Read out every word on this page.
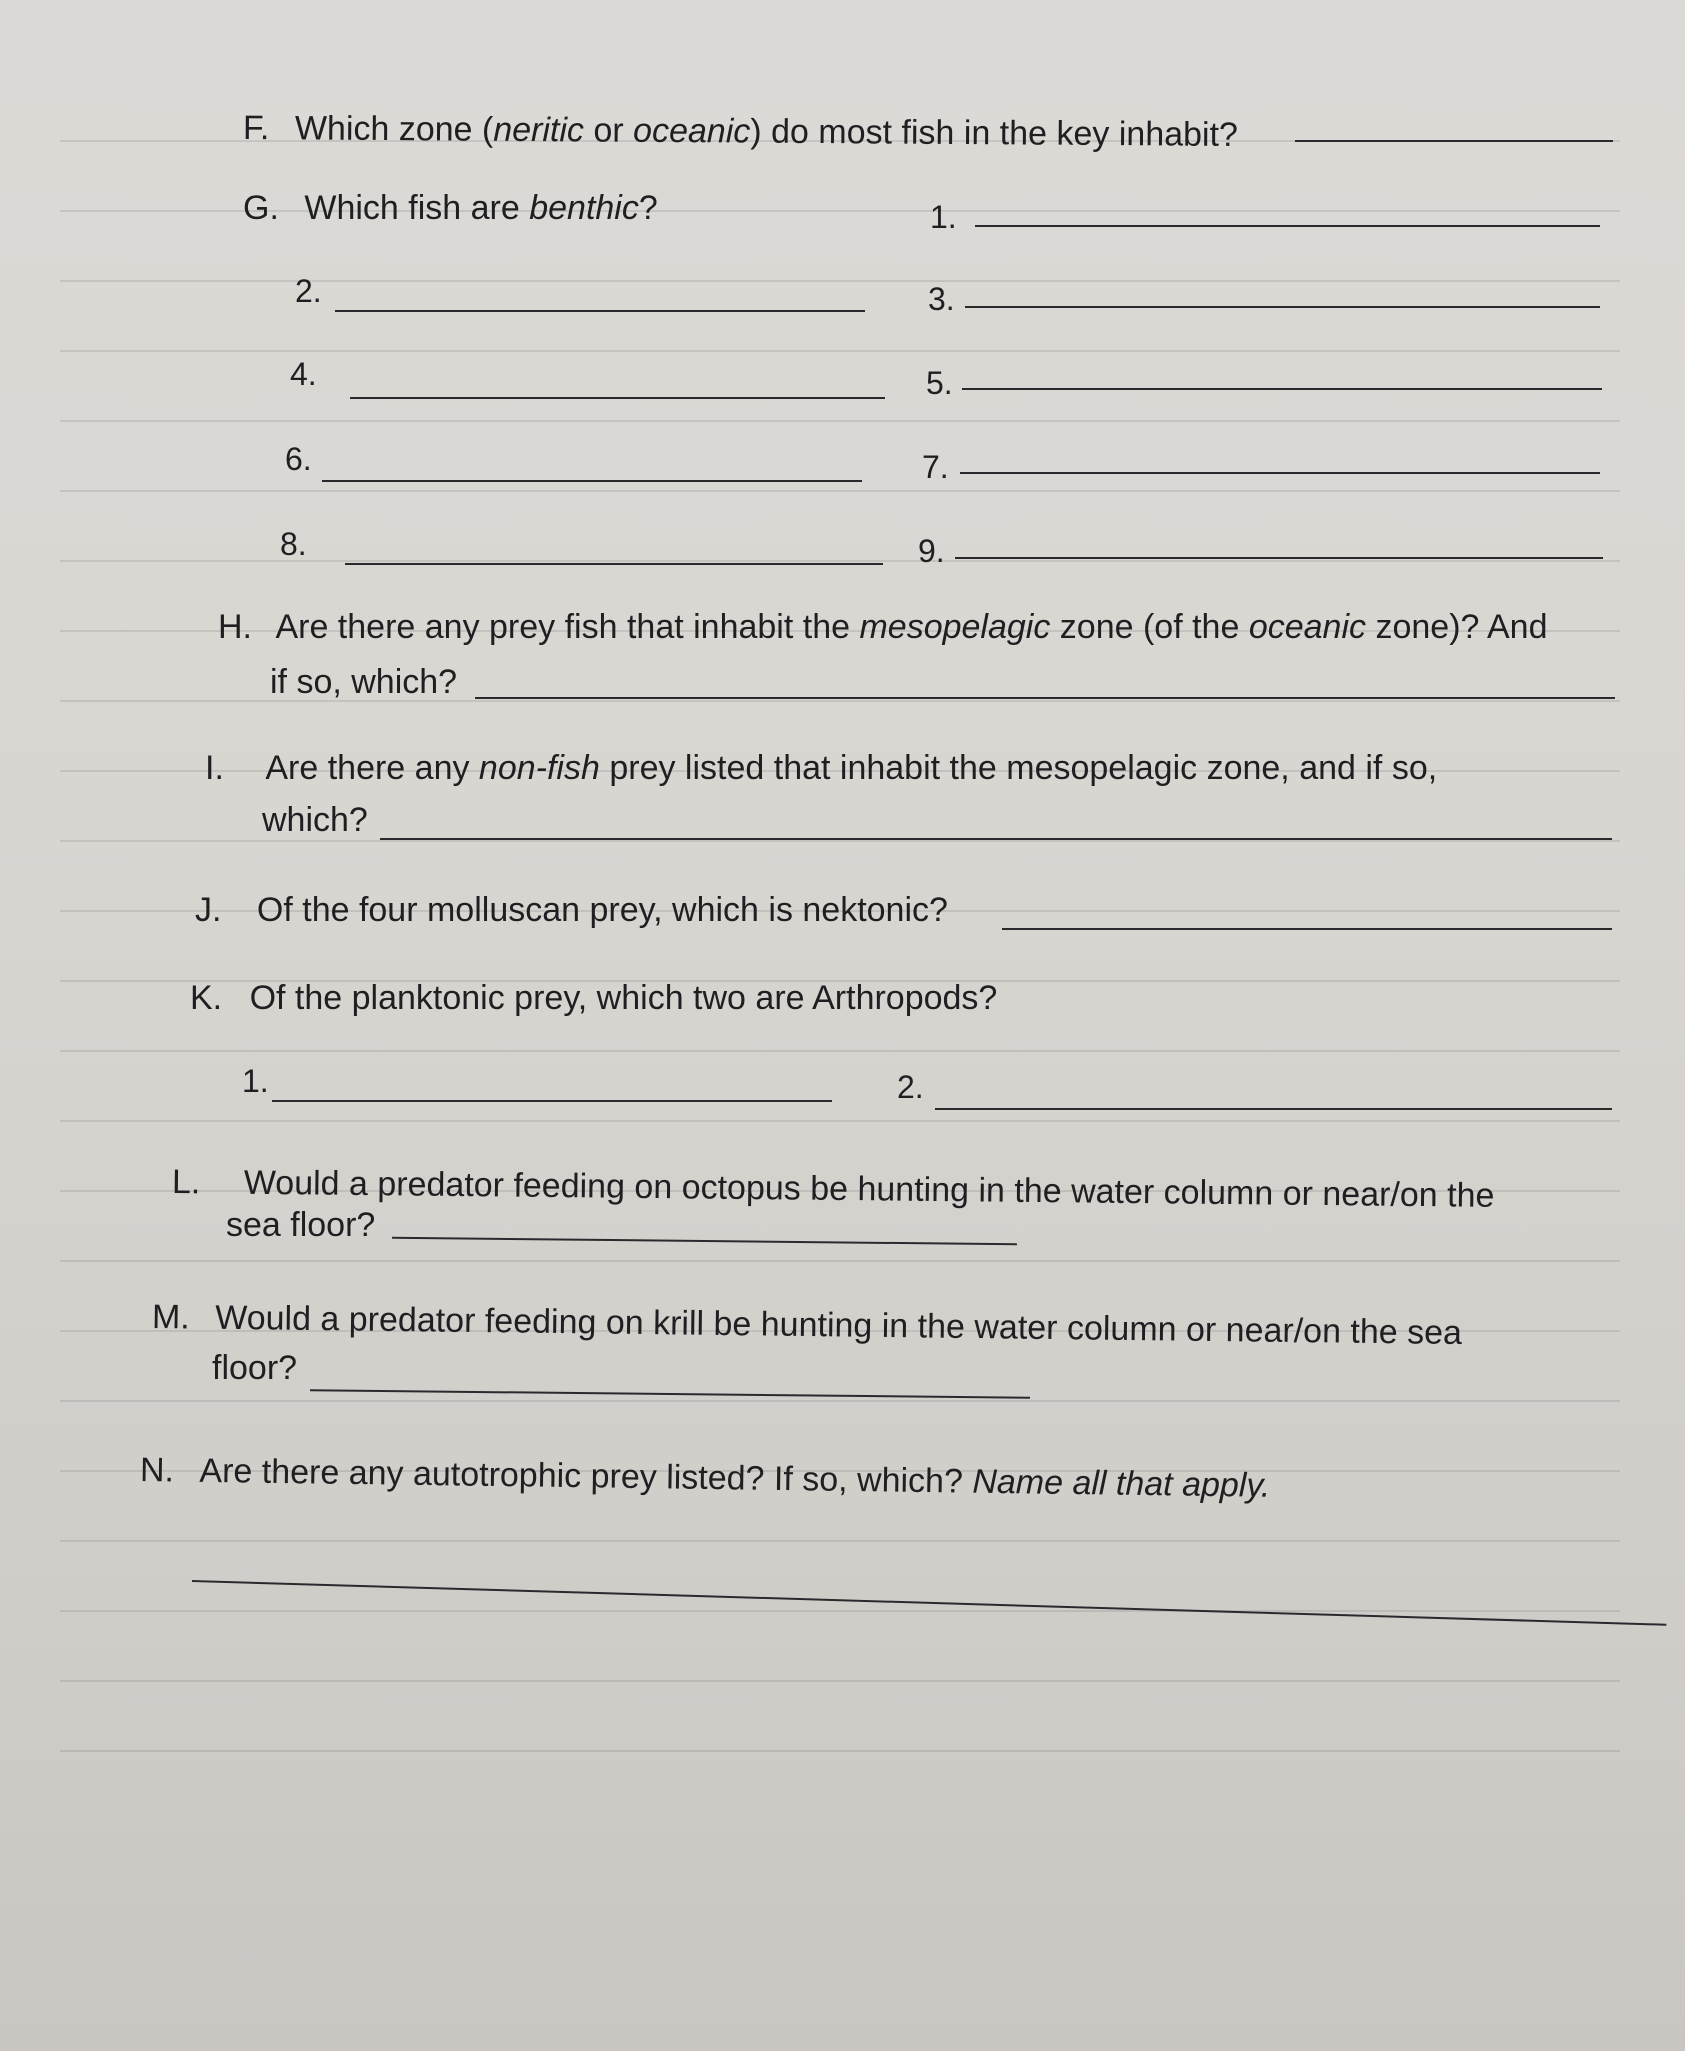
F. Which zone (neritic or oceanic) do most fish in the key inhabit?
G. Which fish are benthic?	1.
2.	3.
4.	5.
6.	7.
8.	9.
H. Are there any prey fish that inhabit the mesopelagic zone (of the oceanic zone)? And
if so, which?
I. Are there any non-fish prey listed that inhabit the mesopelagic zone, and if so,
which?
J. Of the four molluscan prey, which is nektonic?
K. Of the planktonic prey, which two are Arthropods?
1.	2.
L. Would a predator feeding on octopus be hunting in the water column or near/on the
sea floor?
M. Would a predator feeding on krill be hunting in the water column or near/on the sea
floor?
N. Are there any autotrophic prey listed? If so, which? Name all that apply.
